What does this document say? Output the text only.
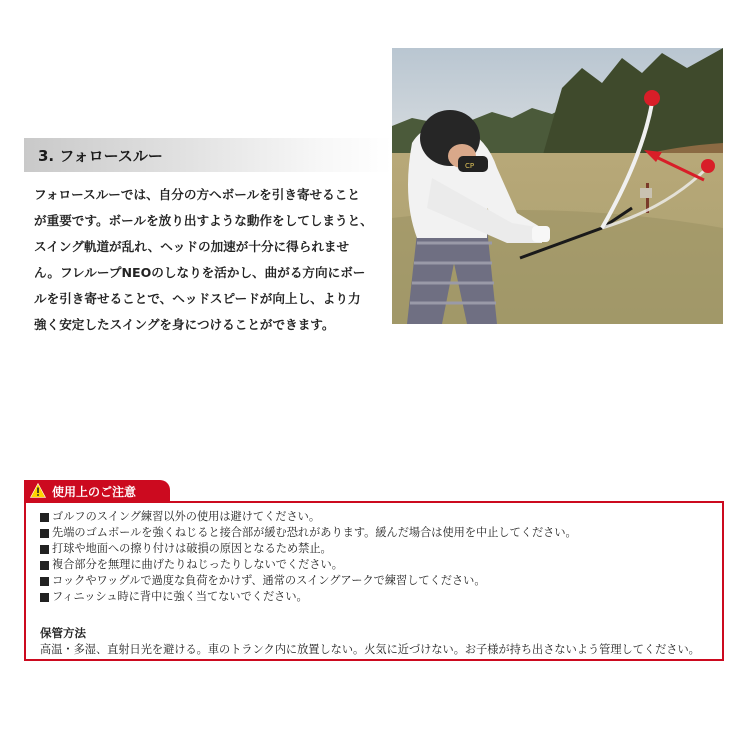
3. フォロースルー

フォロースルーでは、自分の方へボールを引き寄せること

が重要です。ボールを放り出すような動作をしてしまうと、

スイング軌道が乱れ、ヘッドの加速が十分に得られませ

ん。フレループNEOのしなりを活かし、曲がる方向にボー

ルを引き寄せることで、ヘッドスピードが向上し、より力

強く安定したスイングを身につけることができます。

CP
使用上のご注意
ゴルフのスイング練習以外の使用は避けてください。
先端のゴムボールを強くねじると接合部が緩む恐れがあります。緩んだ場合は使用を中止してください。
打球や地面への擦り付けは破損の原因となるため禁止。
複合部分を無理に曲げたりねじったりしないでください。
コックやワッグルで過度な負荷をかけず、通常のスイングアークで練習してください。
フィニッシュ時に背中に強く当てないでください。
保管方法
高温・多湿、直射日光を避ける。車のトランク内に放置しない。火気に近づけない。お子様が持ち出さないよう管理してください。
